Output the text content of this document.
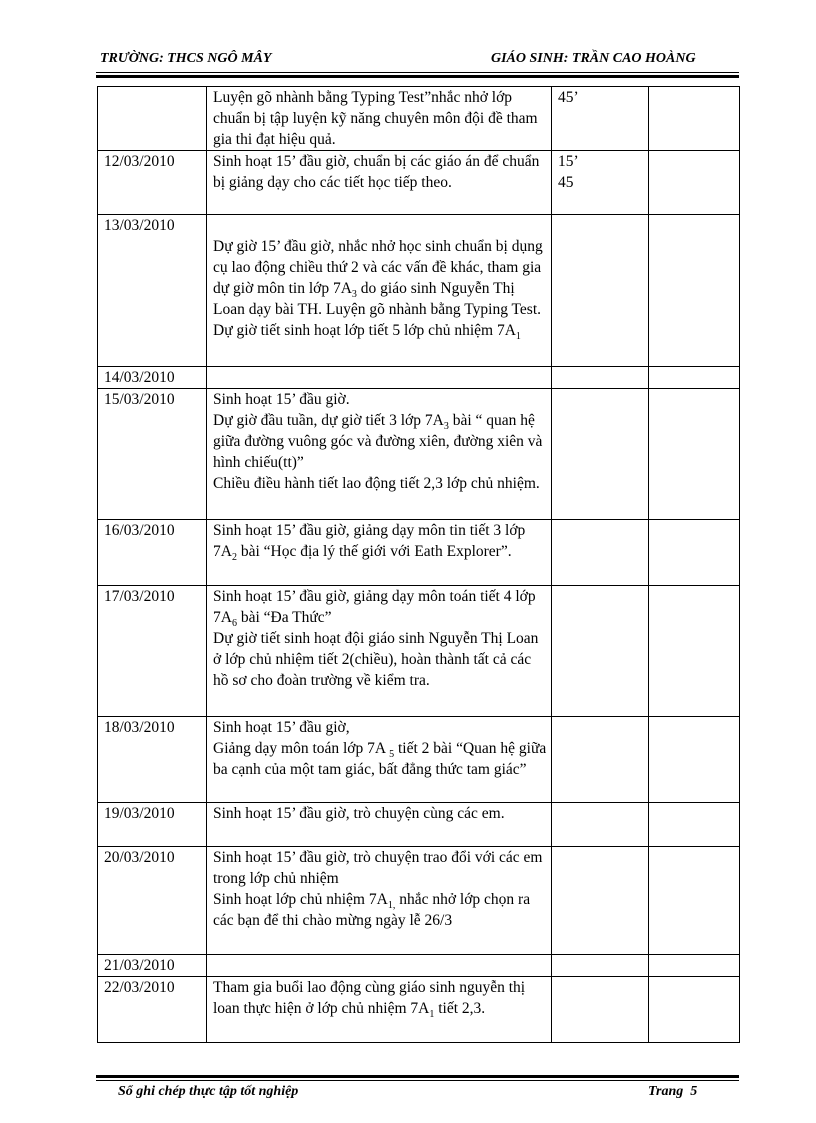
TRƯỜNG: THCS NGÔ MÂY	GIÁO SINH: TRẦN CAO HOÀNG
	Luyện gõ nhành bằng Typing Test”nhắc nhở lớp chuẩn bị tập luyện kỹ năng chuyên môn đội đề tham gia thi đạt hiệu quả.	45’	
12/03/2010	Sinh hoạt 15’ đầu giờ, chuẩn bị các giáo án để chuẩn bị giảng dạy cho các tiết học tiếp theo.	15’
45	
13/03/2010	Dự giờ 15’ đầu giờ, nhắc nhở học sinh chuẩn bị dụng cụ lao động chiều thứ 2 và các vấn đề khác, tham gia dự giờ môn tin lớp $7A_3$ do giáo sinh Nguyễn Thị Loan dạy bài TH. Luyện gõ nhành bằng Typing Test. Dự giờ tiết sinh hoạt lớp tiết 5 lớp chủ nhiệm $7A_1$

14/03/2010			
15/03/2010	Sinh hoạt 15’ đầu giờ.
Dự giờ đầu tuần, dự giờ tiết 3 lớp $7A_3$ bài “ quan hệ giữa đường vuông góc và đường xiên, đường xiên và hình chiếu(tt)”
Chiều điều hành tiết lao động tiết 2,3 lớp chủ nhiệm.		
16/03/2010	Sinh hoạt 15’ đầu giờ, giảng dạy môn tin tiết 3 lớp $7A_2$ bài “Học địa lý thế giới với Eath Explorer”.		
17/03/2010	Sinh hoạt 15’ đầu giờ, giảng dạy môn toán tiết 4 lớp $7A_6$ bài “Đa Thức”
Dự giờ tiết sinh hoạt đội giáo sinh Nguyễn Thị Loan ở lớp chủ nhiệm tiết 2(chiều), hoàn thành tất cả các hồ sơ cho đoàn trường về kiểm tra.		
18/03/2010	Sinh hoạt 15’ đầu giờ,
Giảng dạy môn toán lớp 7A $_5$ tiết 2 bài “Quan hệ giữa ba cạnh của một tam giác, bất đẳng thức tam giác”		
19/03/2010	Sinh hoạt 15’ đầu giờ, trò chuyện cùng các em.		
20/03/2010	Sinh hoạt 15’ đầu giờ, trò chuyện trao đổi với các em trong lớp chủ nhiệm
Sinh hoạt lớp chủ nhiệm $7A_{1,}$ nhắc nhở lớp chọn ra các bạn để thi chào mừng ngày lễ 26/3		
21/03/2010			
22/03/2010	Tham gia buổi lao động cùng giáo sinh nguyễn thị loan thực hiện ở lớp chủ nhiệm $7A_1$ tiết 2,3.		
Sổ ghi chép thực tập tốt nghiệp	Trang 5
